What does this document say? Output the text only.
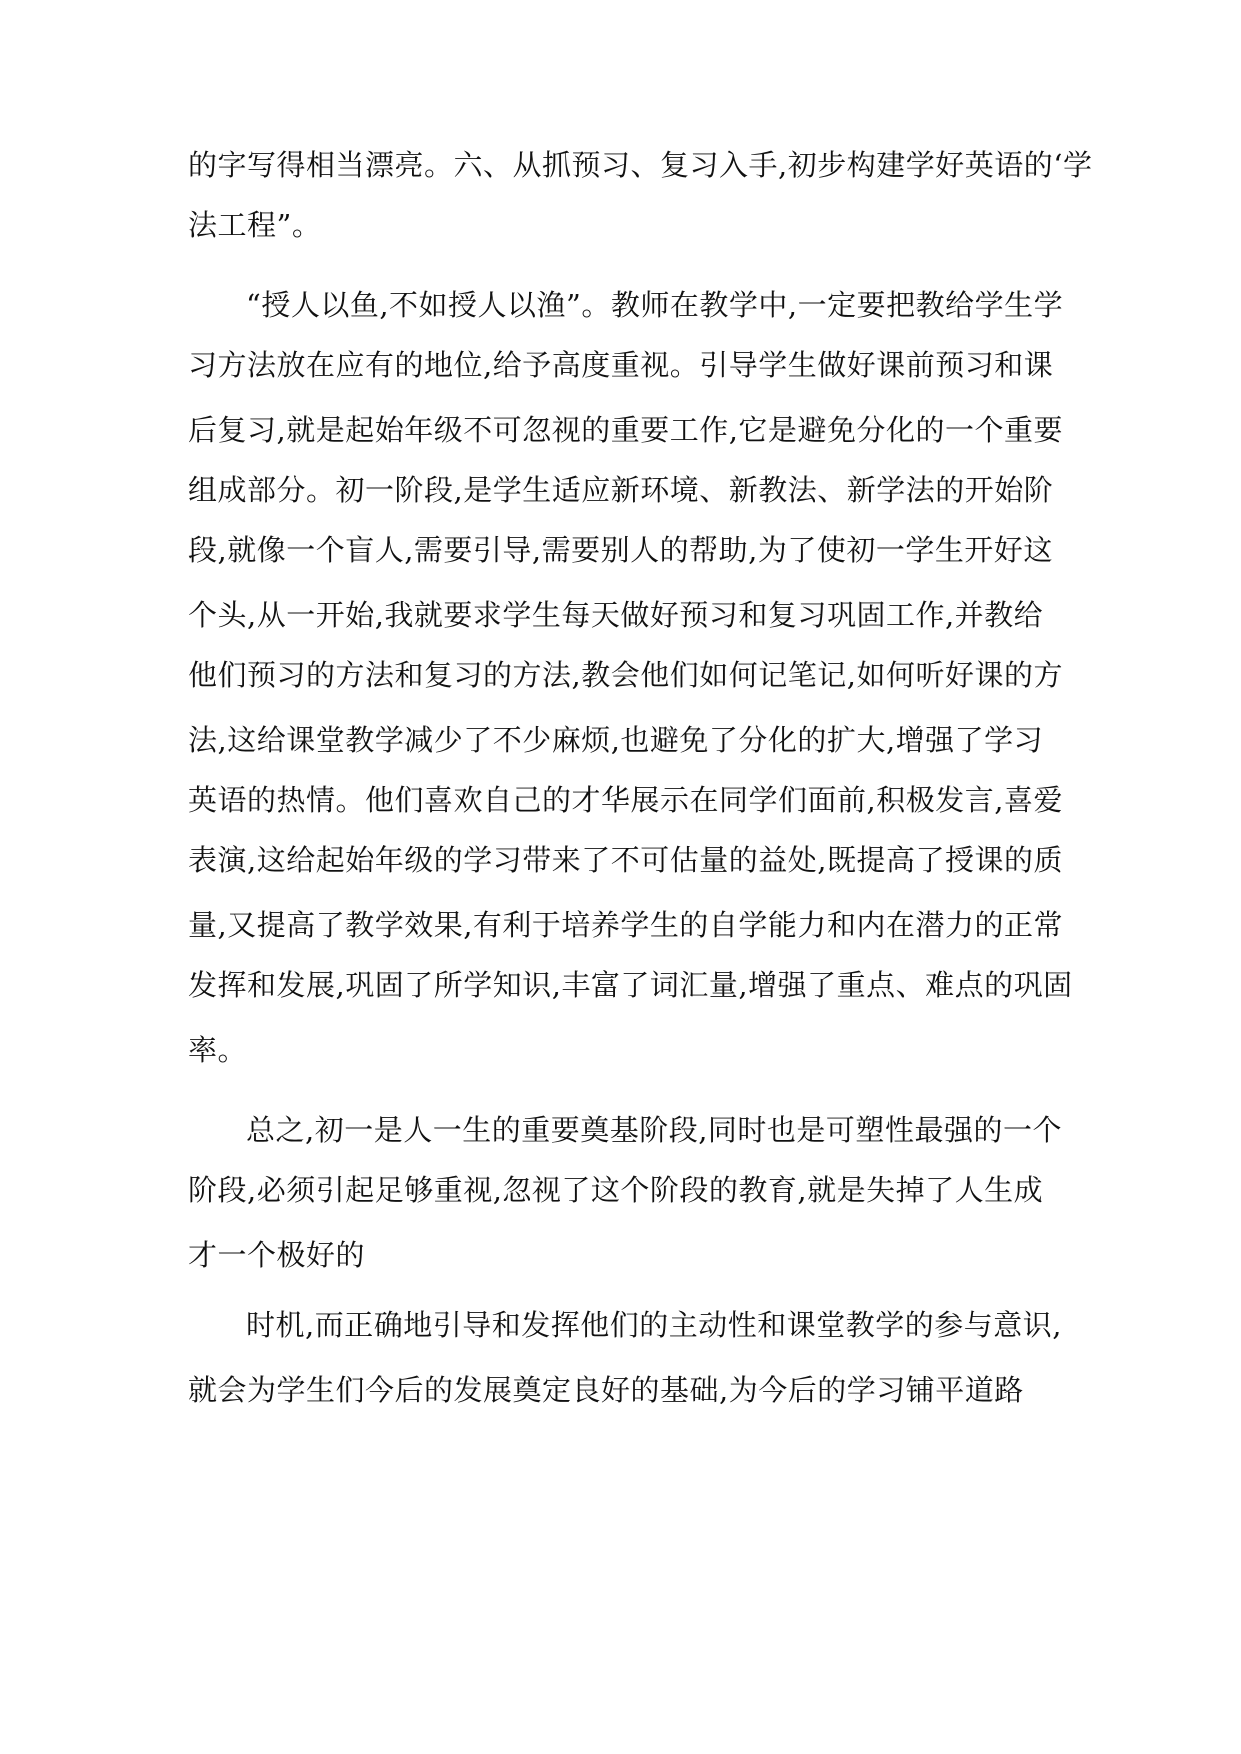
的字写得相当漂亮。六、从抓预习、复习入手,初步构建学好英语的‘学
法工程”。
“授人以鱼,不如授人以渔”。教师在教学中,一定要把教给学生学
习方法放在应有的地位,给予高度重视。引导学生做好课前预习和课
后复习,就是起始年级不可忽视的重要工作,它是避免分化的一个重要
组成部分。初一阶段,是学生适应新环境、新教法、新学法的开始阶
段,就像一个盲人,需要引导,需要别人的帮助,为了使初一学生开好这
个头,从一开始,我就要求学生每天做好预习和复习巩固工作,并教给
他们预习的方法和复习的方法,教会他们如何记笔记,如何听好课的方
法,这给课堂教学减少了不少麻烦,也避免了分化的扩大,增强了学习
英语的热情。他们喜欢自己的才华展示在同学们面前,积极发言,喜爱
表演,这给起始年级的学习带来了不可估量的益处,既提高了授课的质
量,又提高了教学效果,有利于培养学生的自学能力和内在潜力的正常
发挥和发展,巩固了所学知识,丰富了词汇量,增强了重点、难点的巩固
率。
总之,初一是人一生的重要奠基阶段,同时也是可塑性最强的一个
阶段,必须引起足够重视,忽视了这个阶段的教育,就是失掉了人生成
才一个极好的
时机,而正确地引导和发挥他们的主动性和课堂教学的参与意识,
就会为学生们今后的发展奠定良好的基础,为今后的学习铺平道路
